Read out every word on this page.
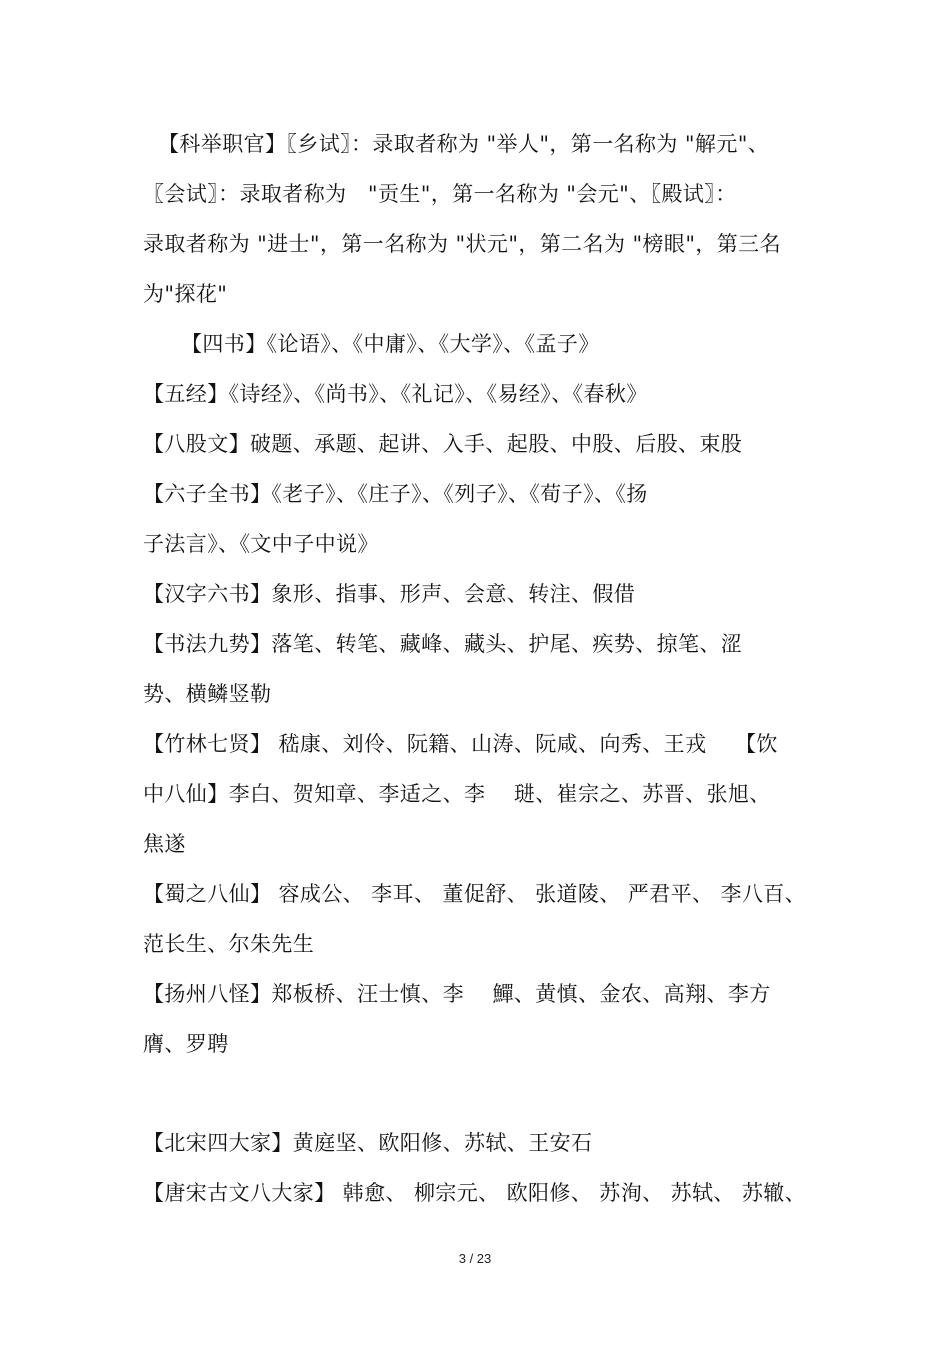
【科举职官】〖乡试〗：录取者称为 "举人"，第一名称为 "解元"、
〖会试〗：录取者称为　"贡生"，第一名称为 "会元"、〖殿试〗：
录取者称为 "进士"，第一名称为 "状元"，第二名为 "榜眼"，第三名
为"探花"
【四书】《论语》、《中庸》、《大学》、《孟子》
【五经】《诗经》、《尚书》、《礼记》、《易经》、《春秋》
【八股文】破题、承题、起讲、入手、起股、中股、后股、束股
【六子全书】《老子》、《庄子》、《列子》、《荀子》、《扬
子法言》、《文中子中说》
【汉字六书】象形、指事、形声、会意、转注、假借
【书法九势】落笔、转笔、藏峰、藏头、护尾、疾势、掠笔、涩
势、横鳞竖勒
【竹林七贤】 嵇康、刘伶、阮籍、山涛、阮咸、向秀、王戎　 【饮
中八仙】李白、贺知章、李适之、李　 琎、崔宗之、苏晋、张旭、
焦遂
【蜀之八仙】 容成公、 李耳、 董促舒、 张道陵、 严君平、 李八百、
范长生、尔朱先生
【扬州八怪】郑板桥、汪士慎、李　 鱓、黄慎、金农、高翔、李方
膺、罗聘
【北宋四大家】黄庭坚、欧阳修、苏轼、王安石
【唐宋古文八大家】 韩愈、 柳宗元、 欧阳修、 苏洵、 苏轼、 苏辙、
3 / 23
